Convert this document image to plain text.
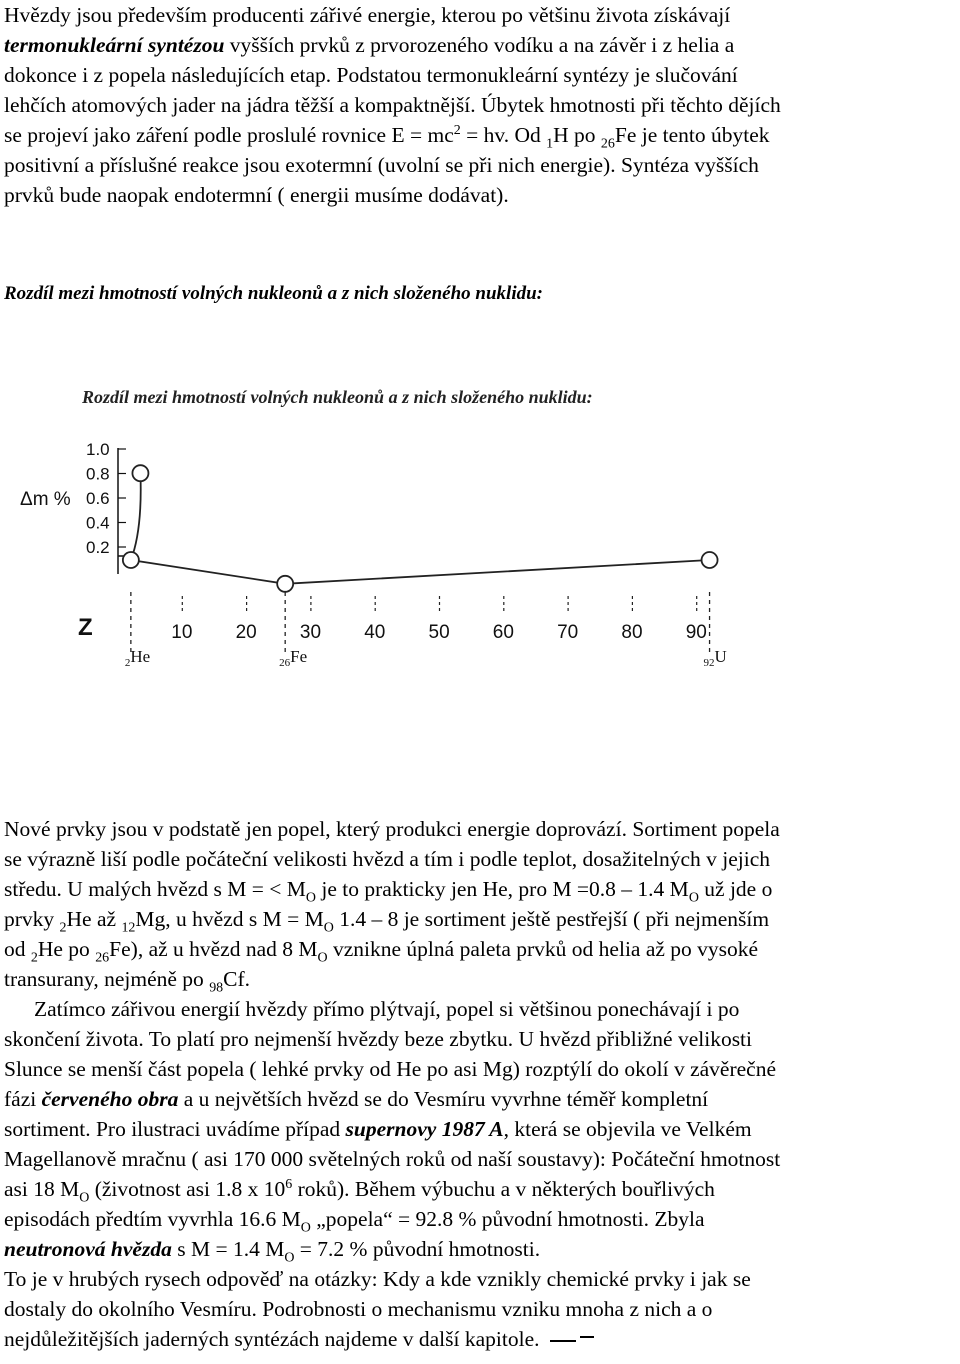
Hvězdy jsou především producenti zářivé energie, kterou po většinu života získávají
termonukleární syntézou vyšších prvků z prvorozeného vodíku a na závěr i z helia a
dokonce i z popela následujících etap. Podstatou termonukleární syntézy je slučování
lehčích atomových jader na jádra těžší a kompaktnější. Úbytek hmotnosti při těchto dějích
se projeví jako záření podle proslulé rovnice $E = mc^2$ = hv. Od $_1$H po $_{26}$Fe je tento úbytek
positivní a příslušné reakce jsou exotermní (uvolní se při nich energie). Syntéza vyšších
prvků bude naopak endotermní ( energii musíme dodávat).
Rozdíl mezi hmotností volných nukleonů a z nich složeného nuklidu:
Rozdíl mezi hmotností volných nukleonů a z nich složeného nuklidu:
1.0
0.8
0.6
0.4
0.2
10 20 30 40 50 60 70 80 90
Δm %
Z
$_2$He	$_{26}$Fe	$_{92}$U
Nové prvky jsou v podstatě jen popel, který produkci energie doprovází. Sortiment popela
se výrazně liší podle počáteční velikosti hvězd a tím i podle teplot, dosažitelných v jejich
středu. U malých hvězd s M = < $M_O$ je to prakticky jen He, pro M =0.8 – 1.4 $M_O$ už jde o
prvky $_2$He až $_{12}$Mg, u hvězd s $M = M_O$ 1.4 – 8 je sortiment ještě pestřejší ( při nejmenším
od $_2$He po $_{26}$Fe), až u hvězd nad 8 $M_O$ vznikne úplná paleta prvků od helia až po vysoké
transurany, nejméně po $_{98}$Cf.
Zatímco zářivou energií hvězdy přímo plýtvají, popel si většinou ponechávají i po
skončení života. To platí pro nejmenší hvězdy beze zbytku. U hvězd přibližné velikosti
Slunce se menší část popela ( lehké prvky od He po asi Mg) rozptýlí do okolí v závěrečné
fázi červeného obra a u největších hvězd se do Vesmíru vyvrhne téměř kompletní
sortiment. Pro ilustraci uvádíme případ supernovy 1987 A, která se objevila ve Velkém
Magellanově mračnu ( asi 170 000 světelných roků od naší soustavy): Počáteční hmotnost
asi 18 $M_O$ (životnost asi 1.8 x $10^6$ roků). Během výbuchu a v některých bouřlivých
episodách předtím vyvrhla 16.6 $M_O$ „popela“ = 92.8 % původní hmotnosti. Zbyla
neutronová hvězda s M = 1.4 $M_O = 7.2$ % původní hmotnosti.
To je v hrubých rysech odpověď na otázky: Kdy a kde vznikly chemické prvky i jak se
dostaly do okolního Vesmíru. Podrobnosti o mechanismu vzniku mnoha z nich a o
nejdůležitějších jaderných syntézách najdeme v další kapitole.
